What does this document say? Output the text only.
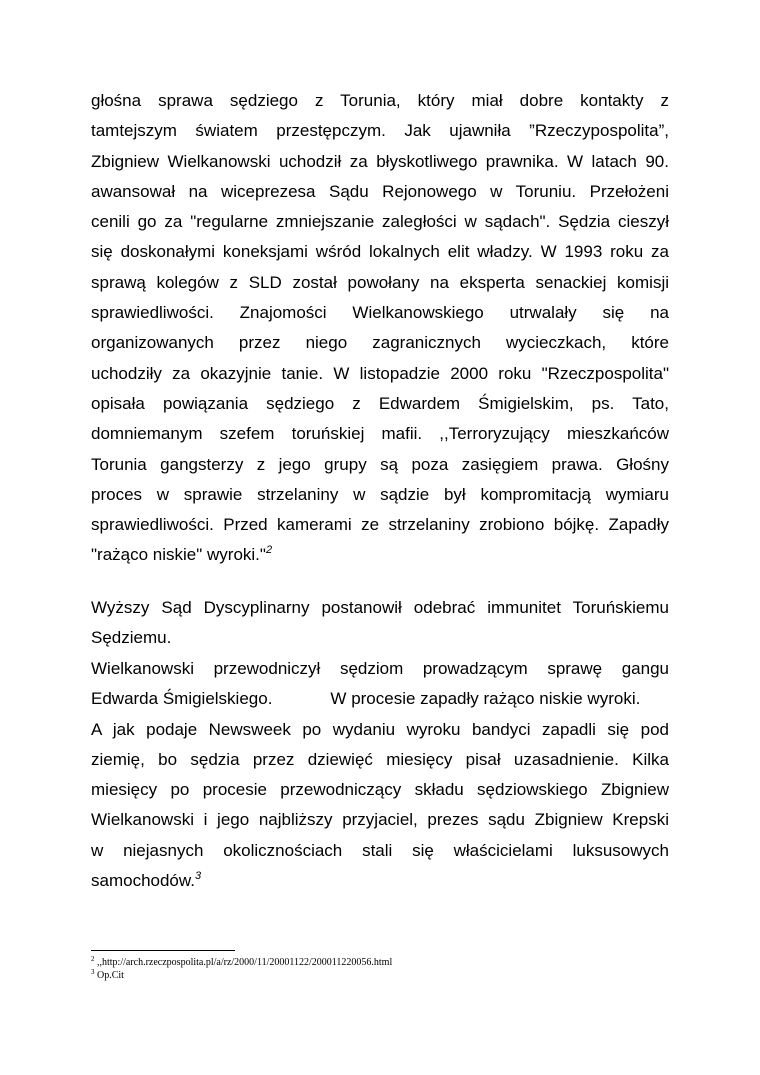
głośna sprawa sędziego z Torunia, który miał dobre kontakty z
tamtejszym światem przestępczym. Jak ujawniła ”Rzeczypospolita”,
Zbigniew Wielkanowski uchodził za błyskotliwego prawnika. W latach 90.
awansował na wiceprezesa Sądu Rejonowego w Toruniu. Przełożeni
cenili go za "regularne zmniejszanie zaległości w sądach". Sędzia cieszył
się doskonałymi koneksjami wśród lokalnych elit władzy. W 1993 roku za
sprawą kolegów z SLD został powołany na eksperta senackiej komisji
sprawiedliwości. Znajomości Wielkanowskiego utrwalały się na
organizowanych przez niego zagranicznych wycieczkach, które
uchodziły za okazyjnie tanie. W listopadzie 2000 roku "Rzeczpospolita"
opisała powiązania sędziego z Edwardem Śmigielskim, ps. Tato,
domniemanym szefem toruńskiej mafii. ,,Terroryzujący mieszkańców
Torunia gangsterzy z jego grupy są poza zasięgiem prawa. Głośny
proces w sprawie strzelaniny w sądzie był kompromitacją wymiaru
sprawiedliwości. Przed kamerami ze strzelaniny zrobiono bójkę. Zapadły
"rażąco niskie" wyroki."$^2$
Wyższy Sąd Dyscyplinarny postanowił odebrać immunitet Toruńskiemu
Sędziemu.
Wielkanowski przewodniczył sędziom prowadzącym sprawę gangu
Edwarda Śmigielskiego.	W procesie zapadły rażąco niskie wyroki.
A jak podaje Newsweek po wydaniu wyroku bandyci zapadli się pod
ziemię, bo sędzia przez dziewięć miesięcy pisał uzasadnienie. Kilka
miesięcy po procesie przewodniczący składu sędziowskiego Zbigniew
Wielkanowski i jego najbliższy przyjaciel, prezes sądu Zbigniew Krepski
w niejasnych okolicznościach stali się właścicielami luksusowych
samochodów.$^3$
$^2$ ,,http://arch.rzeczpospolita.pl/a/rz/2000/11/20001122/200011220056.html
$^3$ Op.Cit
